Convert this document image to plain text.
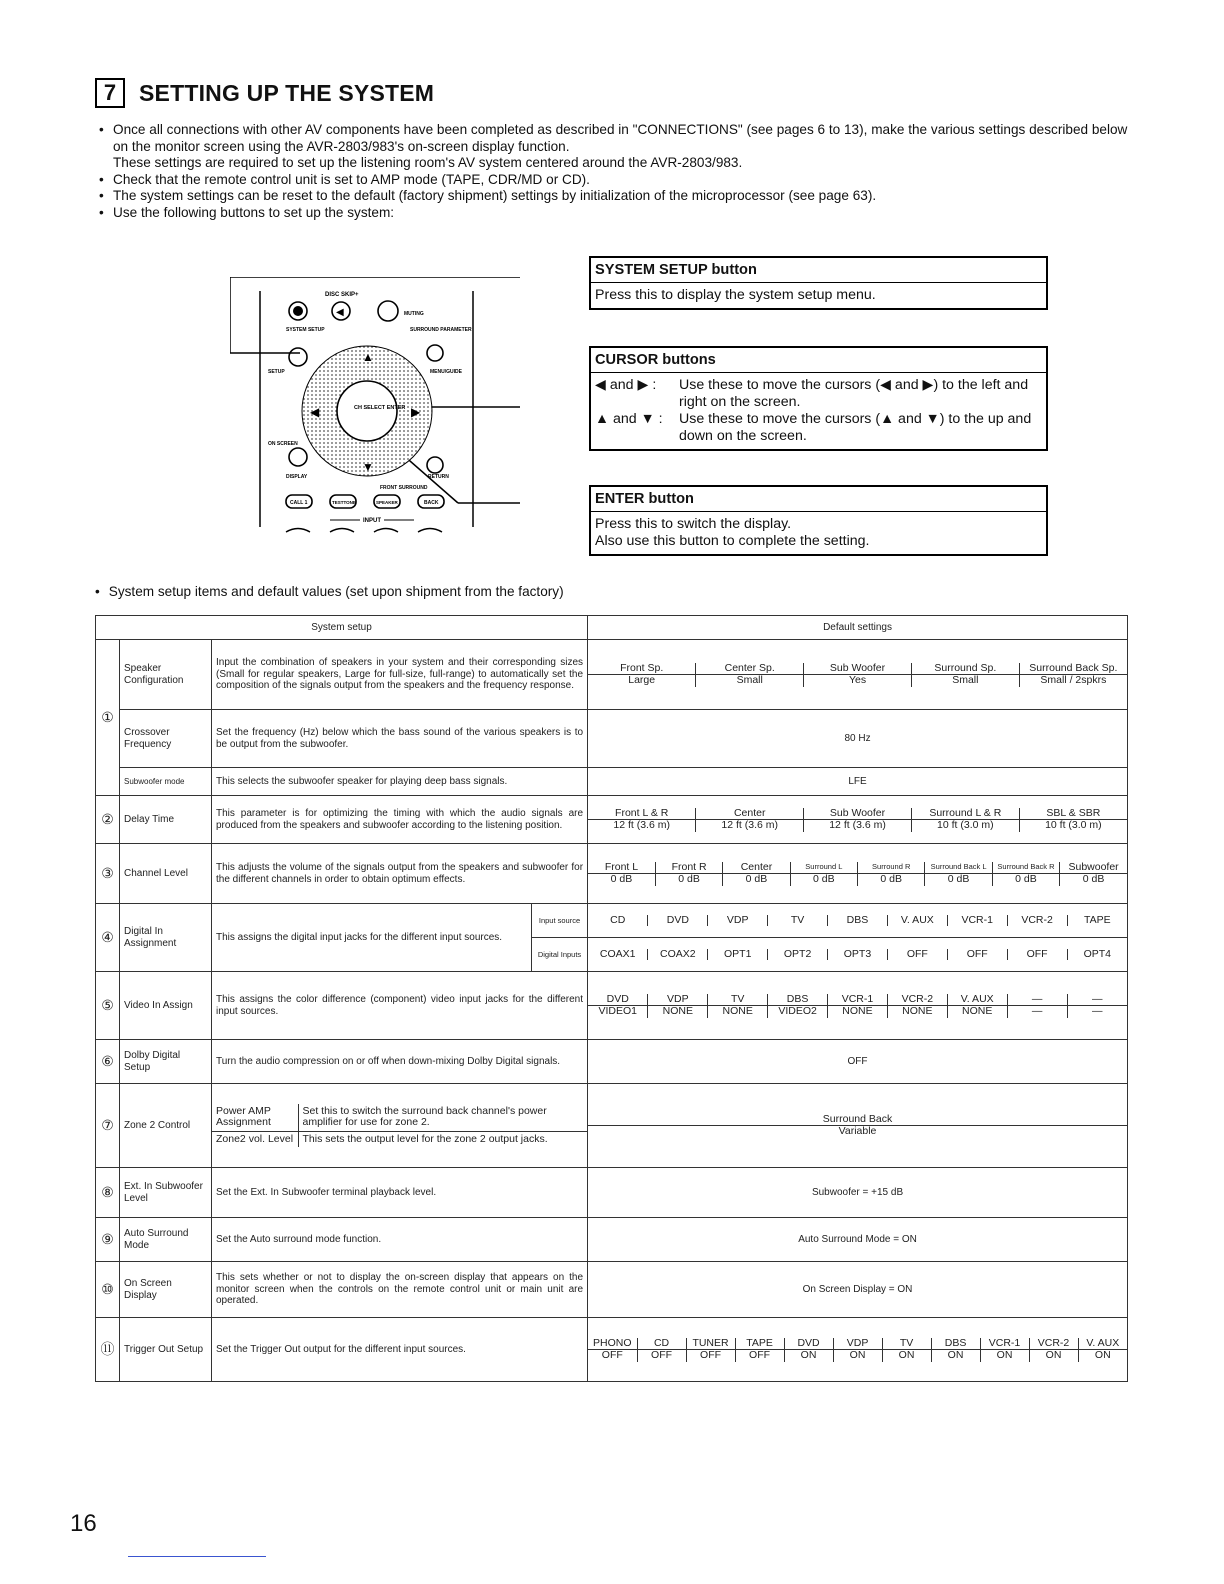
7 SETTING UP THE SYSTEM
• Once all connections with other AV components have been completed as described in "CONNECTIONS" (see pages 6 to 13), make the various settings described below on the monitor screen using the AVR-2803/983's on-screen display function.
These settings are required to set up the listening room's AV system centered around the AVR-2803/983.
• Check that the remote control unit is set to AMP mode (TAPE, CDR/MD or CD).
• The system settings can be reset to the default (factory shipment) settings by initialization of the microprocessor (see page 63).
• Use the following buttons to set up the system:
DISC SKIP+
MUTING
◀
SYSTEM SETUP	SURROUND PARAMETER
SETUP	MENU/GUIDE
CH SELECT ENTER
▲
▼
◀	▶
ON SCREEN
DISPLAY	RETURN
FRONT SURROUND
CALL 1	TESTTONE	SPEAKER	BACK
INPUT
SYSTEM SETUP button
Press this to display the system setup menu.
CURSOR buttons
◀ and ▶ :	Use these to move the cursors (◀ and ▶) to the left and right on the screen.
▲ and ▼ :	Use these to move the cursors (▲ and ▼) to the up and down on the screen.
ENTER button
Press this to switch the display.
Also use this button to complete the setting.
• System setup items and default values (set upon shipment from the factory)
System setup	Default settings
①	Speaker Configuration	Input the combination of speakers in your system and their corresponding sizes (Small for regular speakers, Large for full-size, full-range) to automatically set the composition of the signals output from the speakers and the frequency response.	
Front Sp.	Center Sp.	Sub Woofer	Surround Sp.	Surround Back Sp.
Large	Small	Yes	Small	Small / 2spkrs

Crossover Frequency	Set the frequency (Hz) below which the bass sound of the various speakers is to be output from the subwoofer.	80 Hz
Subwoofer mode	This selects the subwoofer speaker for playing deep bass signals.	LFE
②	Delay Time	This parameter is for optimizing the timing with which the audio signals are produced from the speakers and subwoofer according to the listening position.	
Front L & R	Center	Sub Woofer	Surround L & R	SBL & SBR
12 ft (3.6 m)	12 ft (3.6 m)	12 ft (3.6 m)	10 ft (3.0 m)	10 ft (3.0 m)

③	Channel Level	This adjusts the volume of the signals output from the speakers and subwoofer for the different channels in order to obtain optimum effects.	
Front L	Front R	Center	Surround L	Surround R	Surround Back L	Surround Back R	Subwoofer
0 dB	0 dB	0 dB	0 dB	0 dB	0 dB	0 dB	0 dB

④	Digital In Assignment	This assigns the digital input jacks for the different input sources.	Input source		CD	DVD	VDP	TV	DBS	V. AUX	VCR-1	VCR-2	TAPE

Digital Inputs	COAX1	COAX2	OPT1	OPT2	OPT3	OFF	OFF	OFF	OPT4

⑤	Video In Assign	This assigns the color difference (component) video input jacks for the different input sources.	
DVD	VDP	TV	DBS	VCR-1	VCR-2	V. AUX	—	—
VIDEO1	NONE	NONE	VIDEO2	NONE	NONE	NONE	—	—

⑥	Dolby Digital Setup	Turn the audio compression on or off when down-mixing Dolby Digital signals.	OFF
⑦	Zone 2 Control	
Power AMP Assignment	Set this to switch the surround back channel's power amplifier for use for zone 2.
Zone2 vol. Level	This sets the output level for the zone 2 output jacks.

Surround Back
Variable

⑧	Ext. In Subwoofer Level	Set the Ext. In Subwoofer terminal playback level.	Subwoofer = +15 dB
⑨	Auto Surround Mode	Set the Auto surround mode function.	Auto Surround Mode = ON
⑩	On Screen Display	This sets whether or not to display the on-screen display that appears on the monitor screen when the controls on the remote control unit or main unit are operated.	On Screen Display = ON
⑪	Trigger Out Setup	Set the Trigger Out output for the different input sources.	
PHONO	CD	TUNER	TAPE	DVD	VDP	TV	DBS	VCR-1	VCR-2	V. AUX
OFF	OFF	OFF	OFF	ON	ON	ON	ON	ON	ON	ON
16
